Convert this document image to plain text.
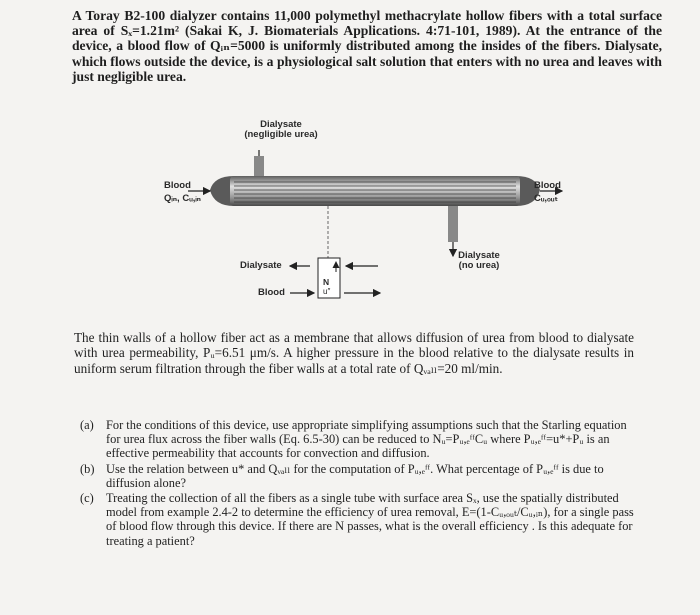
A Toray B2-100 dialyzer contains 11,000 polymethyl methacrylate hollow fibers with a total surface area of Sₓ=1.21m² (Sakai K, J. Biomaterials Applications. 4:71-101, 1989). At the entrance of the device, a blood flow of Qᵢₙ=5000 is uniformly distributed among the insides of the fibers. Dialysate, which flows outside the device, is a physiological salt solution that enters with no urea and leaves with just negligible urea.
Dialysate
(negligible urea)
Blood
Qᵢₙ, Cᵤ,ᵢₙ
Blood
Cᵤ,ₒᵤₜ
Dialysate
Dialysate
(no urea)
Blood
N
u″
The thin walls of a hollow fiber act as a membrane that allows diffusion of urea from blood to dialysate with urea permeability, Pᵤ=6.51 μm/s. A higher pressure in the blood relative to the dialysate results in uniform serum filtration through the fiber walls at a total rate of Qᵥₐₗₗ=20 ml/min.
(a) For the conditions of this device, use appropriate simplifying assumptions such that the Starling equation for urea flux across the fiber walls (Eq. 6.5-30) can be reduced to Nᵤ=Pᵤ,ₑᶠᶠCᵤ where Pᵤ,ₑᶠᶠ=u*+Pᵤ is an effective permeability that accounts for convection and diffusion.
(b) Use the relation between u* and Qᵥₐₗₗ for the computation of Pᵤ,ₑᶠᶠ. What percentage of Pᵤ,ₑᶠᶠ is due to diffusion alone?
(c) Treating the collection of all the fibers as a single tube with surface area Sₓ, use the spatially distributed model from example 2.4-2 to determine the efficiency of urea removal, E=(1-Cᵤ,ₒᵤₜ/Cᵤ,ᵢₙ), for a single pass of blood flow through this device. If there are N passes, what is the overall efficiency . Is this adequate for treating a patient?
